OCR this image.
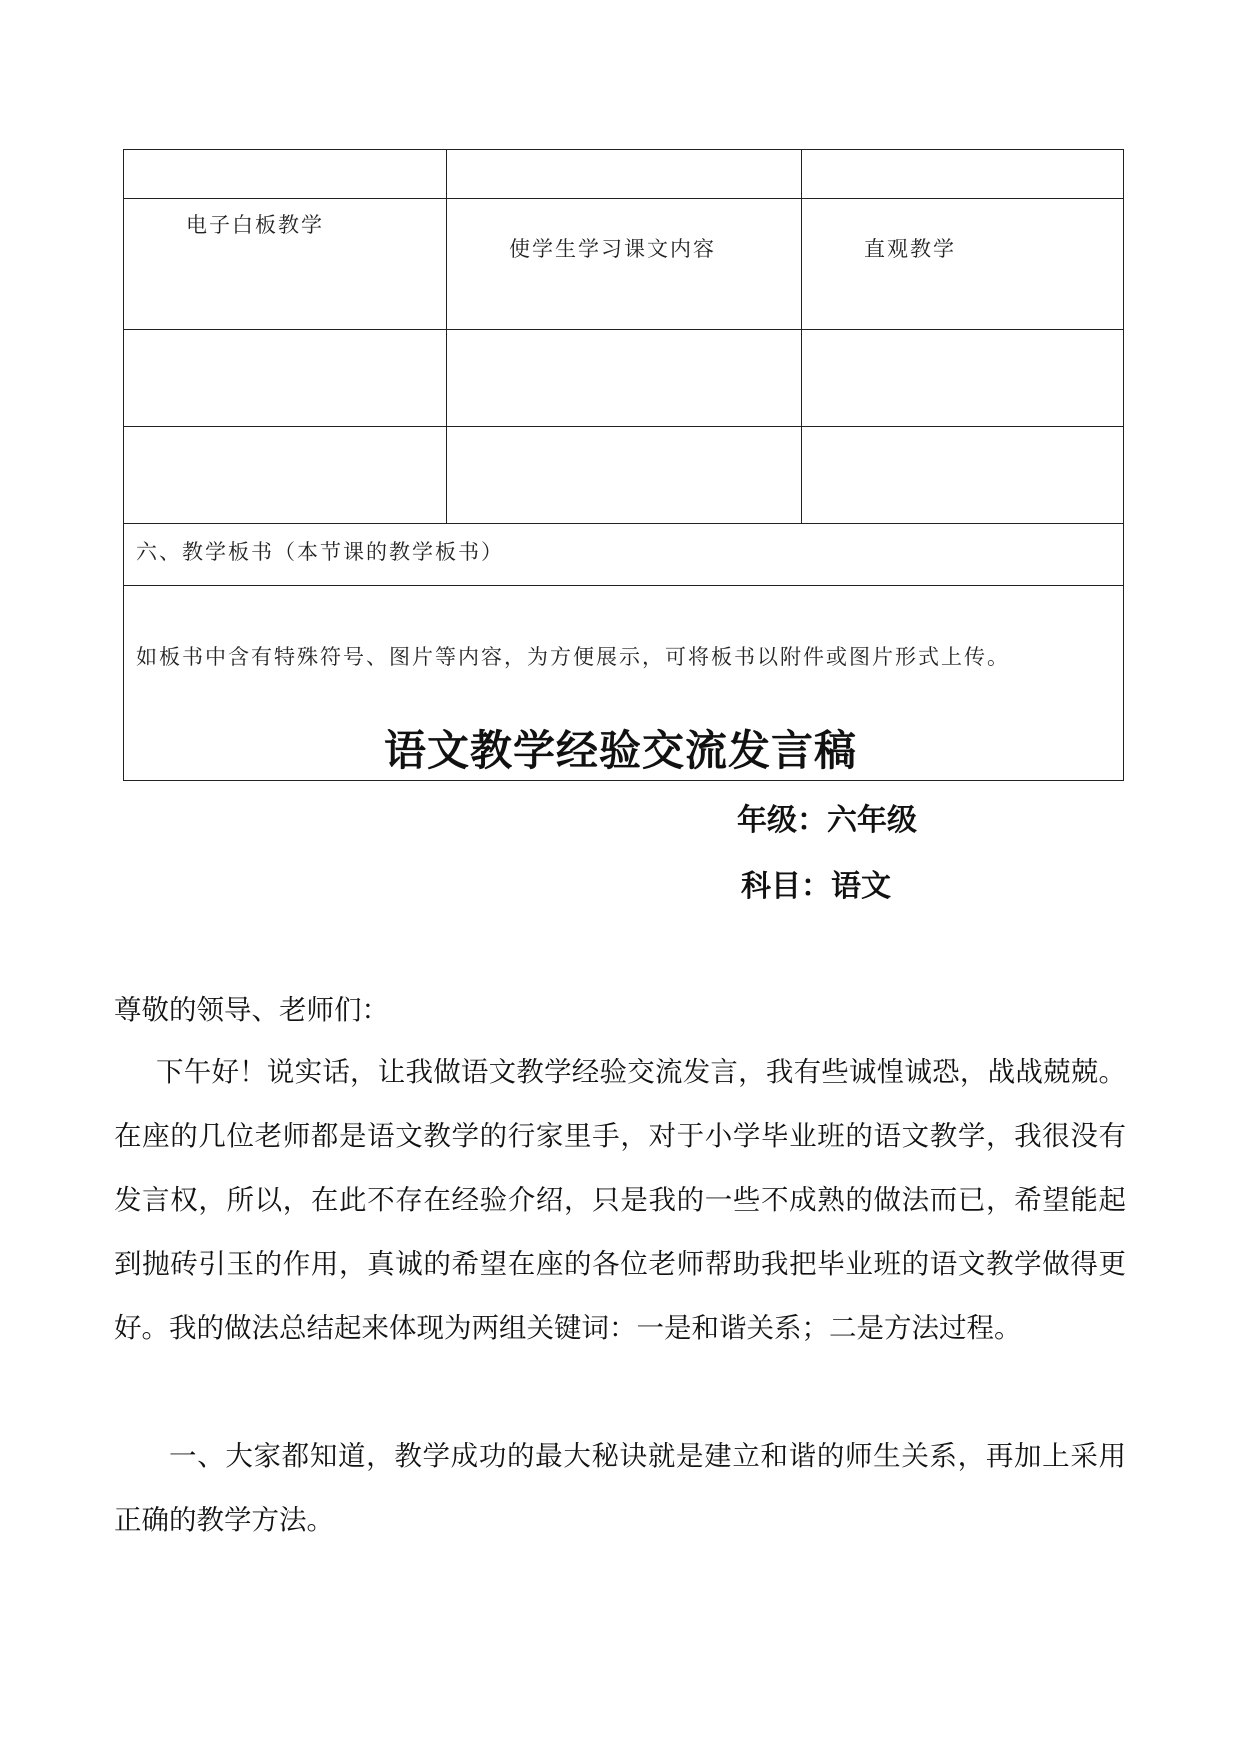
电子白板教学	使学生学习课文内容	直观教学

六、教学板书（本节课的教学板书）		
如板书中含有特殊符号、图片等内容，为方便展示，可将板书以附件或图片形式上传。		
语文教学经验交流发言稿
年级：六年级
科目：语文

尊敬的领导、老师们：

下午好！说实话，让我做语文教学经验交流发言，我有些诚惶诚恐，战战兢兢。在座的几位老师都是语文教学的行家里手，对于小学毕业班的语文教学，我很没有发言权，所以，在此不存在经验介绍，只是我的一些不成熟的做法而已，希望能起到抛砖引玉的作用，真诚的希望在座的各位老师帮助我把毕业班的语文教学做得更好。我的做法总结起来体现为两组关键词：一是和谐关系；二是方法过程。

一、大家都知道，教学成功的最大秘诀就是建立和谐的师生关系，再加上采用正确的教学方法。
